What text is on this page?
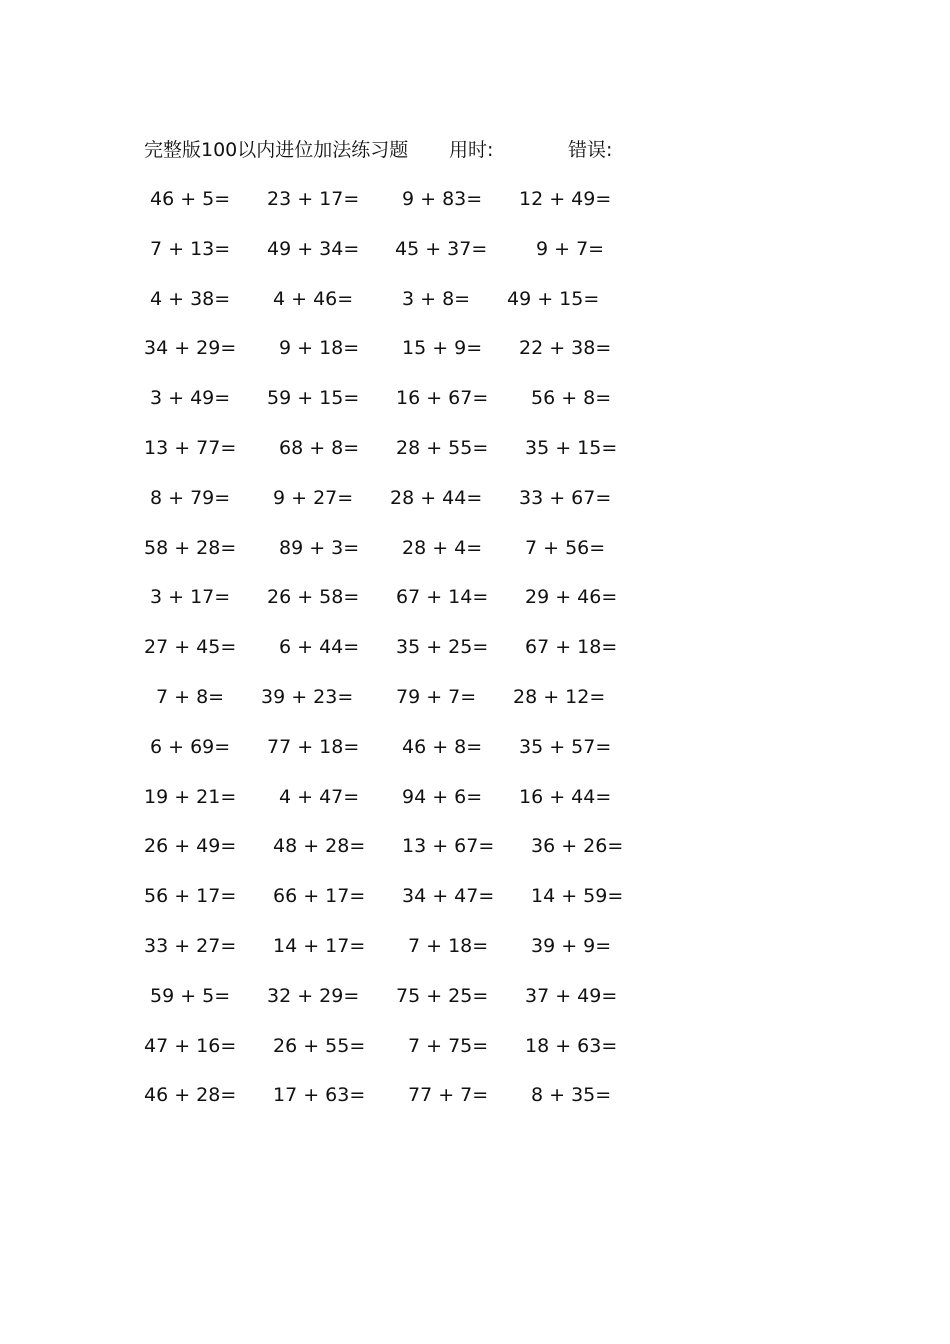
完整版100以内进位加法练习题 用时:	错误:
46 + 5= 23 + 17= 9 + 83= 12 + 49=
7 + 13= 49 + 34= 45 + 37=	9 + 7=
4 + 38= 4 + 46=	3 + 8= 49 + 15=
34 + 29= 9 + 18= 15 + 9= 22 + 38=
3 + 49= 59 + 15= 16 + 67= 56 + 8=
13 + 77= 68 + 8= 28 + 55= 35 + 15=
8 + 79= 9 + 27= 28 + 44= 33 + 67=
58 + 28= 89 + 3= 28 + 4= 7 + 56=
3 + 17= 26 + 58= 67 + 14= 29 + 46=
27 + 45= 6 + 44= 35 + 25= 67 + 18=
7 + 8= 39 + 23= 79 + 7= 28 + 12=
6 + 69= 77 + 18= 46 + 8= 35 + 57=
19 + 21= 4 + 47= 94 + 6= 16 + 44=
26 + 49= 48 + 28= 13 + 67= 36 + 26=
56 + 17= 66 + 17= 34 + 47= 14 + 59=
33 + 27= 14 + 17= 7 + 18= 39 + 9=
59 + 5= 32 + 29= 75 + 25= 37 + 49=
47 + 16= 26 + 55= 7 + 75= 18 + 63=
46 + 28= 17 + 63= 77 + 7= 8 + 35=
